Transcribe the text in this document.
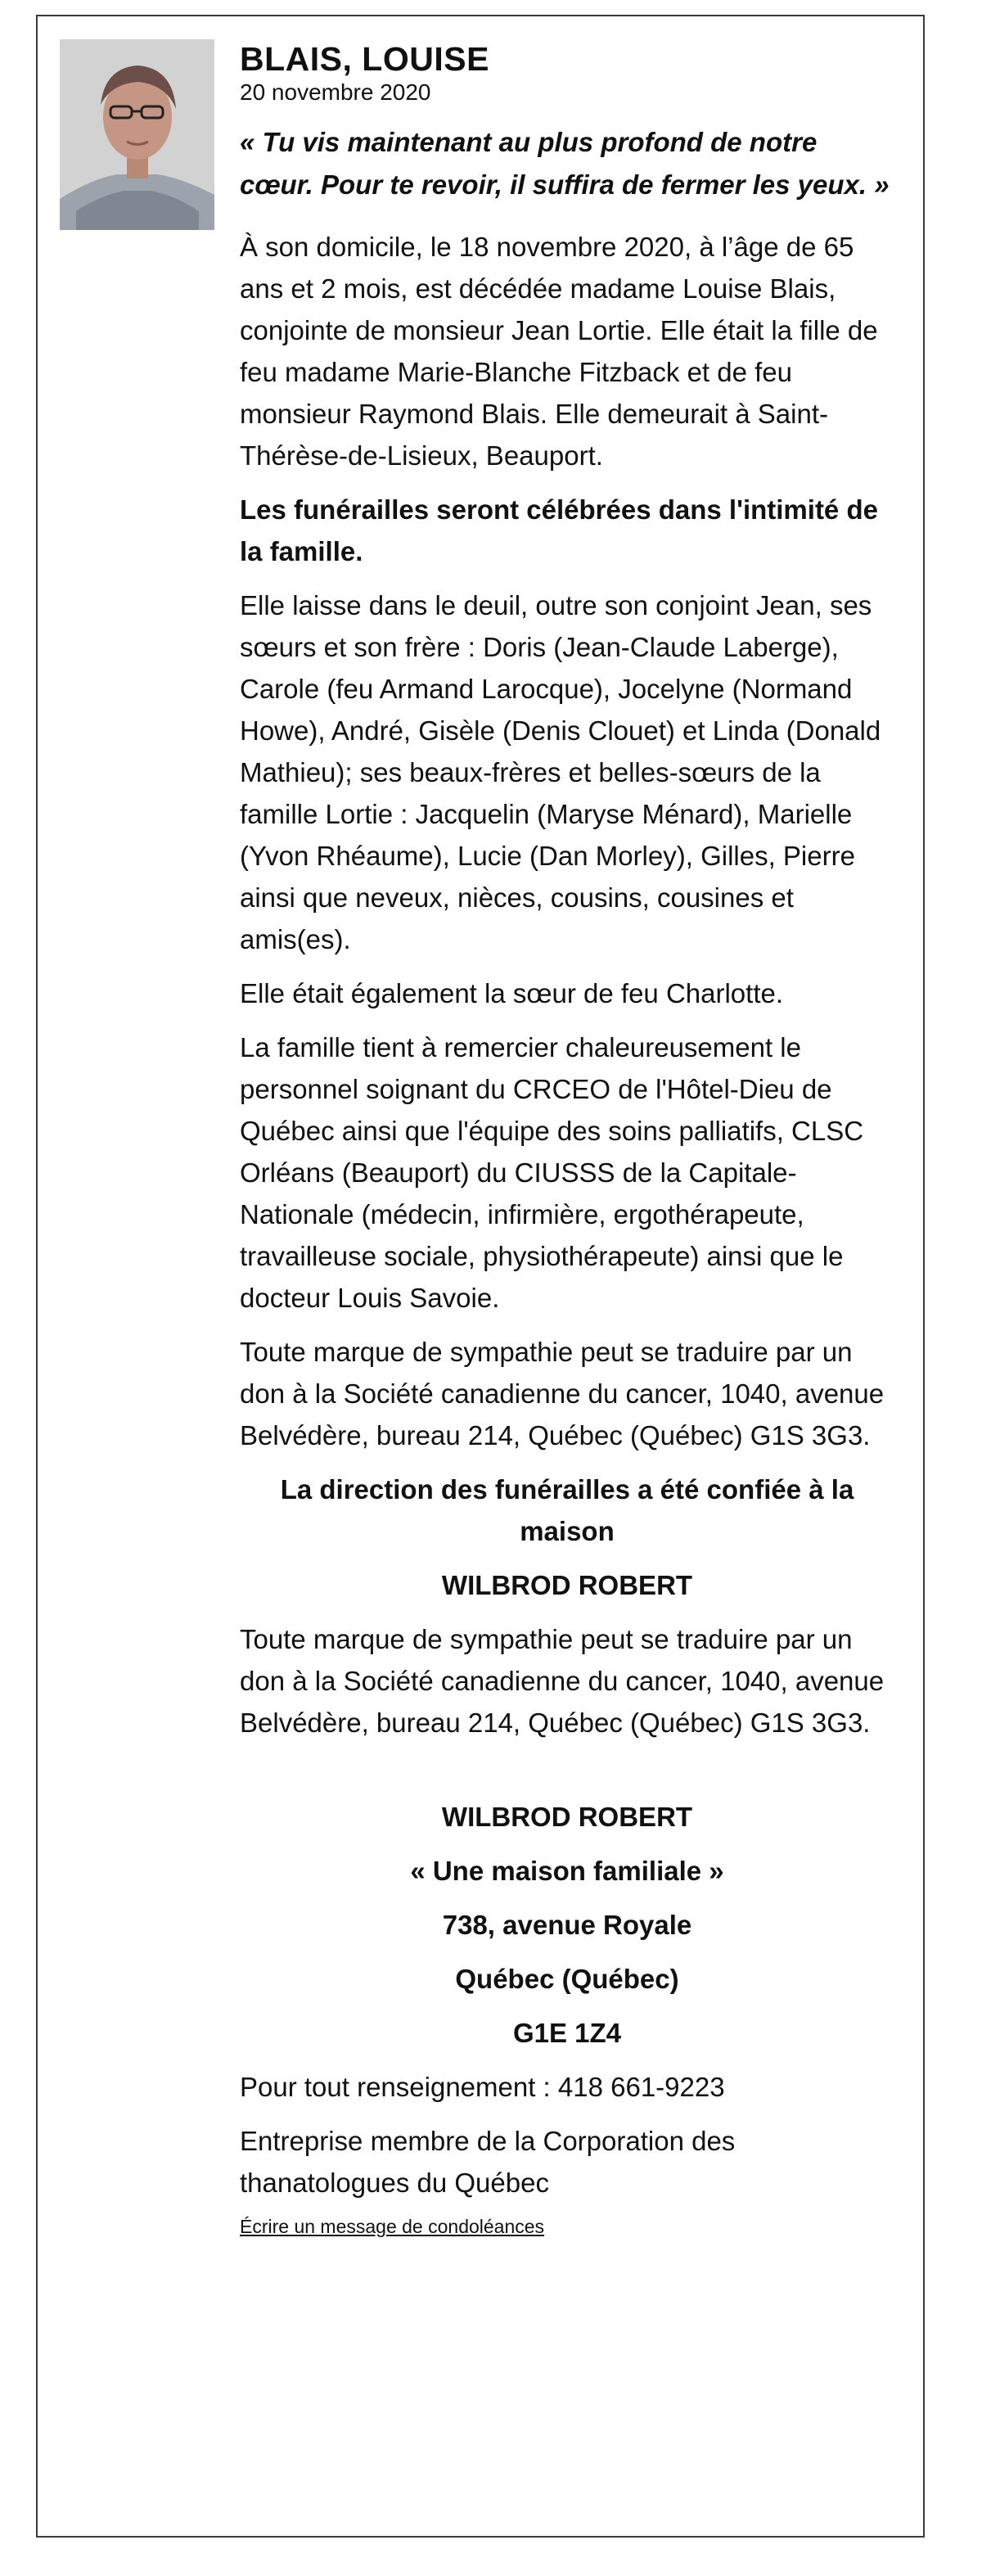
BLAIS, LOUISE
20 novembre 2020
« Tu vis maintenant au plus profond de notre cœur. Pour te revoir, il suffira de fermer les yeux. »

À son domicile, le 18 novembre 2020, à l’âge de 65 ans et 2 mois, est décédée madame Louise Blais, conjointe de monsieur Jean Lortie. Elle était la fille de feu madame Marie-Blanche Fitzback et de feu monsieur Raymond Blais. Elle demeurait à Saint-Thérèse-de-Lisieux, Beauport.

Les funérailles seront célébrées dans l'intimité de la famille.

Elle laisse dans le deuil, outre son conjoint Jean, ses sœurs et son frère : Doris (Jean-Claude Laberge), Carole (feu Armand Larocque), Jocelyne (Normand Howe), André, Gisèle (Denis Clouet) et Linda (Donald Mathieu); ses beaux-frères et belles-sœurs de la famille Lortie : Jacquelin (Maryse Ménard), Marielle (Yvon Rhéaume), Lucie (Dan Morley), Gilles, Pierre ainsi que neveux, nièces, cousins, cousines et amis(es).

Elle était également la sœur de feu Charlotte.

La famille tient à remercier chaleureusement le personnel soignant du CRCEO de l'Hôtel-Dieu de Québec ainsi que l'équipe des soins palliatifs, CLSC Orléans (Beauport) du CIUSSS de la Capitale-Nationale (médecin, infirmière, ergothérapeute, travailleuse sociale, physiothérapeute) ainsi que le docteur Louis Savoie.

Toute marque de sympathie peut se traduire par un don à la Société canadienne du cancer, 1040, avenue Belvédère, bureau 214, Québec (Québec) G1S 3G3.

La direction des funérailles a été confiée à la maison

WILBROD ROBERT

Toute marque de sympathie peut se traduire par un don à la Société canadienne du cancer, 1040, avenue Belvédère, bureau 214, Québec (Québec) G1S 3G3.

WILBROD ROBERT

« Une maison familiale »

738, avenue Royale

Québec (Québec)

G1E 1Z4

Pour tout renseignement : 418 661-9223

Entreprise membre de la Corporation des thanatologues du Québec

Écrire un message de condoléances
